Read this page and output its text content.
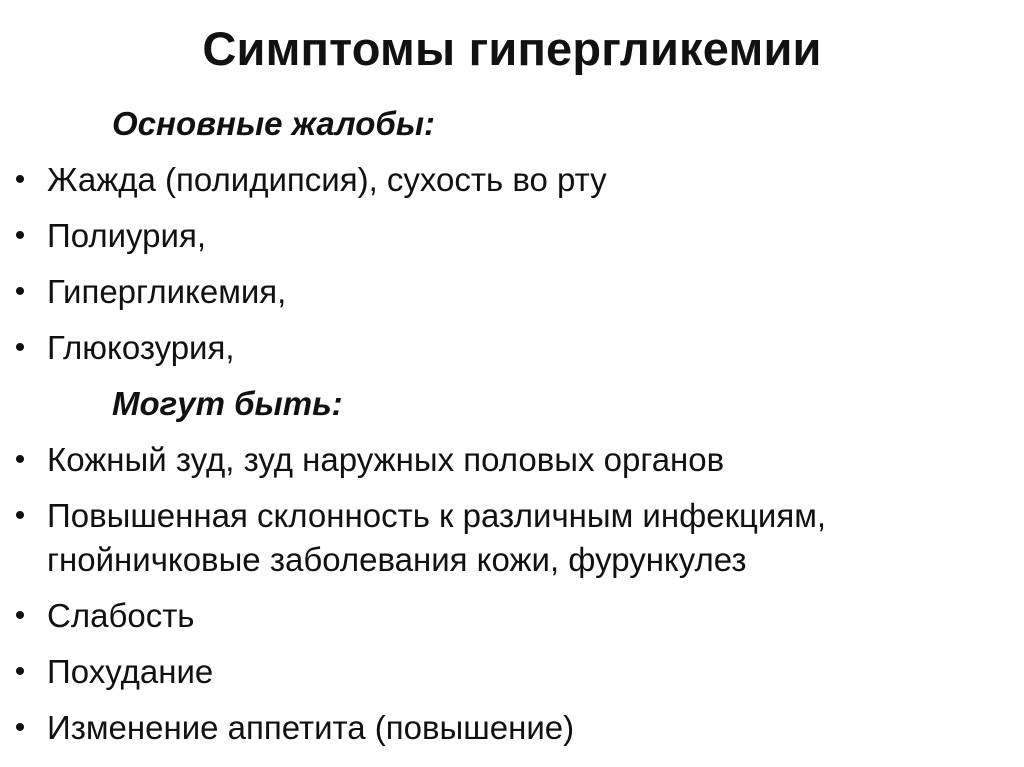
Симптомы гипергликемии
Основные жалобы:
• Жажда (полидипсия), сухость во рту
• Полиурия,
• Гипергликемия,
• Глюкозурия,
Могут быть:
• Кожный зуд, зуд наружных половых органов
• Повышенная склонность к различным инфекциям, гнойничковые заболевания кожи, фурункулез
• Слабость
• Похудание
• Изменение аппетита (повышение)
